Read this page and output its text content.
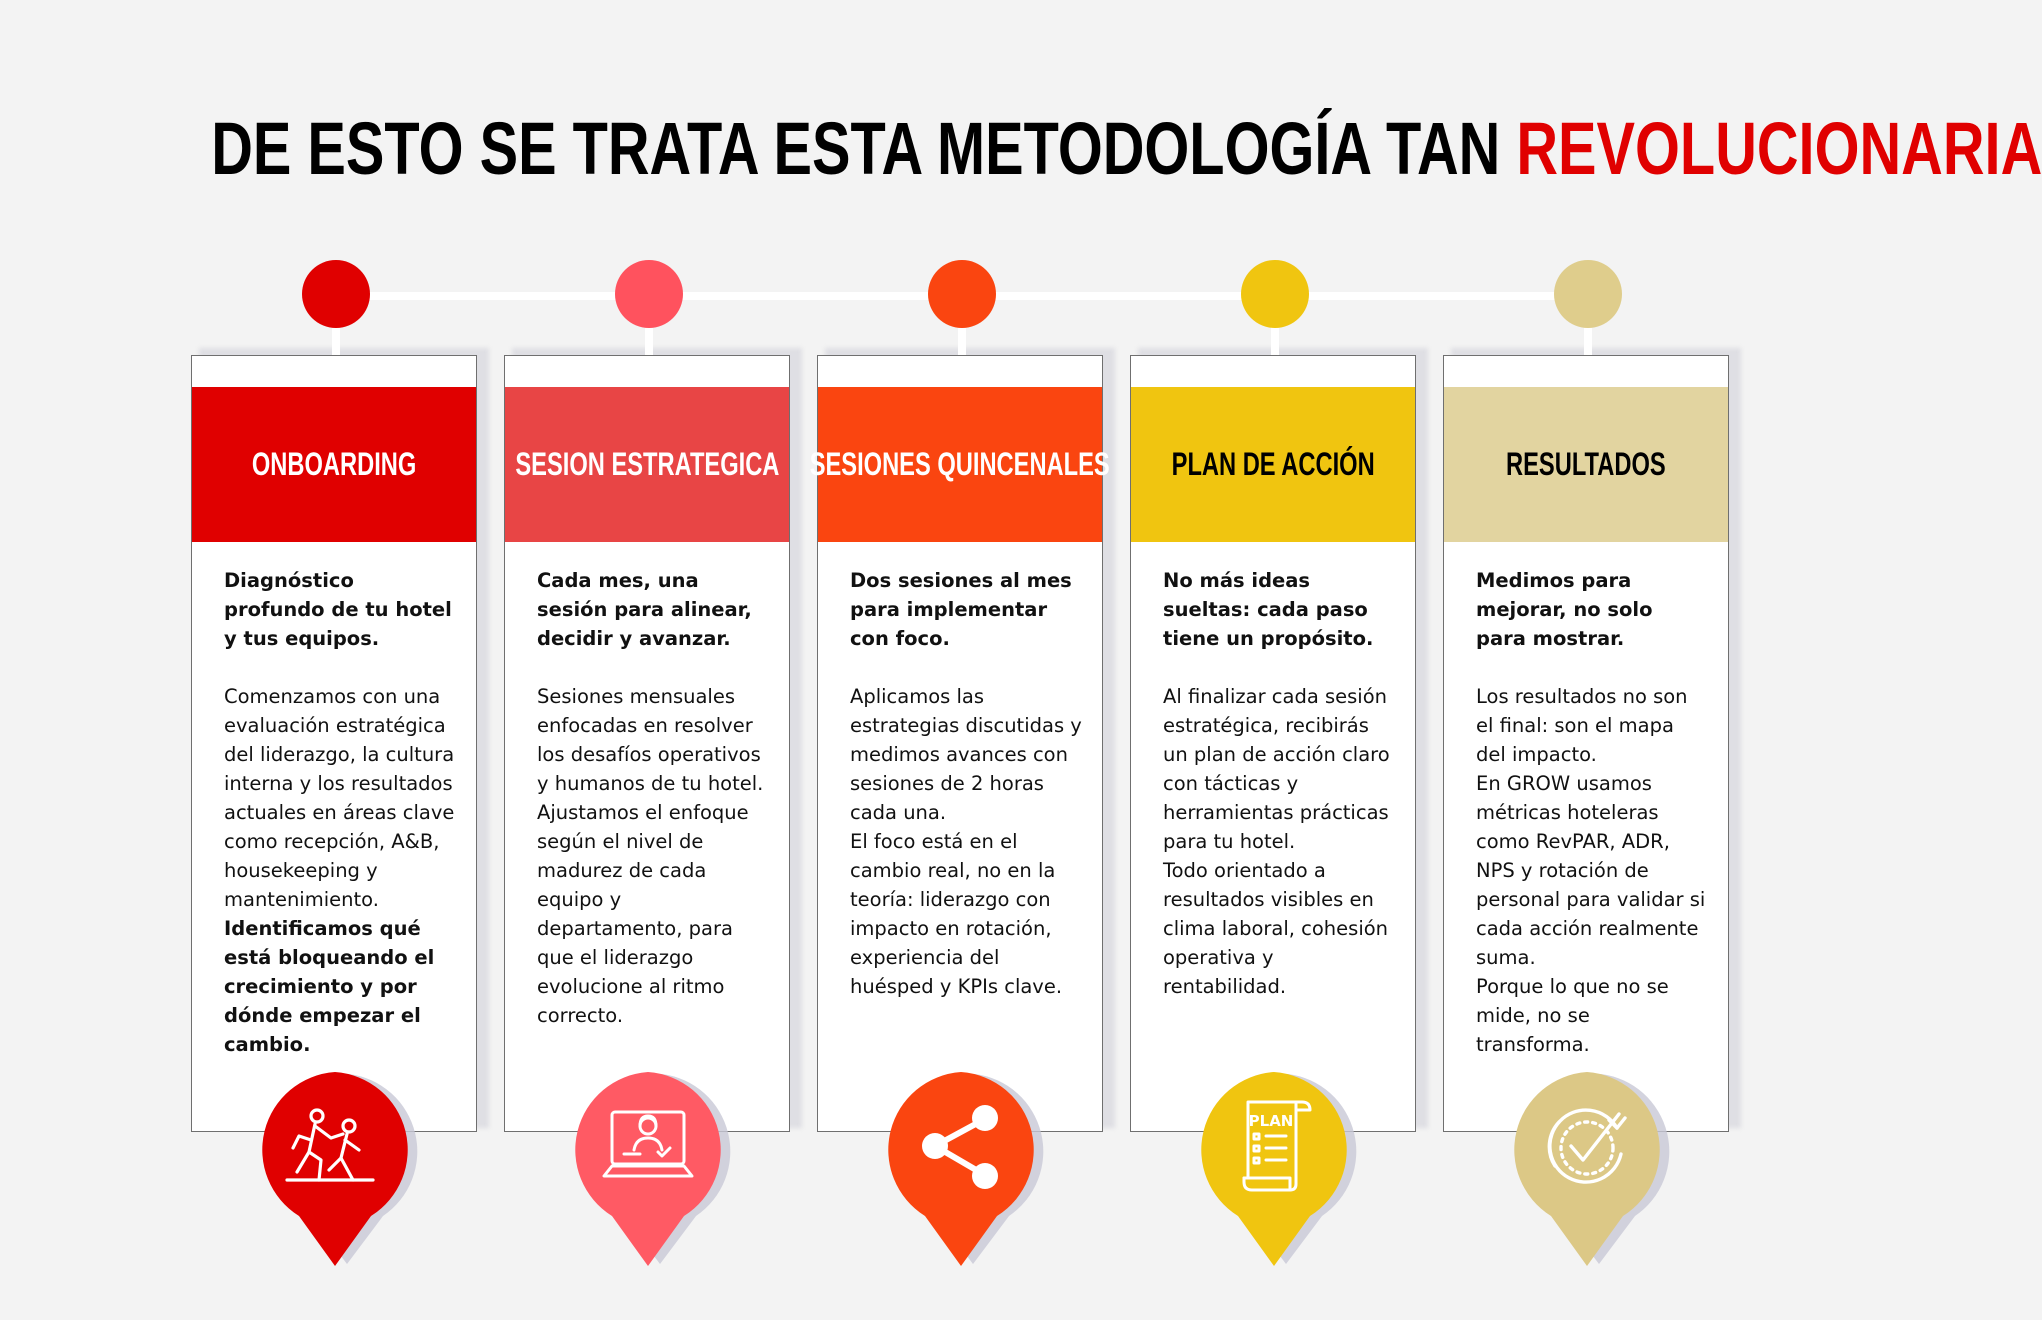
DE ESTO SE TRATA ESTA METODOLOGÍA TAN REVOLUCIONARIA
ONBOARDING

Diagnóstico profundo de tu hotel y tus equipos.

Comenzamos con una evaluación estratégica del liderazgo, la cultura interna y los resultados actuales en áreas clave como recepción, A&B, housekeeping y mantenimiento.

Identificamos qué está bloqueando el crecimiento y por dónde empezar el cambio.

SESION ESTRATEGICA

Cada mes, una sesión para alinear, decidir y avanzar.

Sesiones mensuales enfocadas en resolver los desafíos operativos y humanos de tu hotel. Ajustamos el enfoque según el nivel de madurez de cada equipo y departamento, para que el liderazgo evolucione al ritmo correcto.

SESIONES QUINCENALES

Dos sesiones al mes para implementar con foco.

Aplicamos las estrategias discutidas y medimos avances con sesiones de 2 horas cada una.
El foco está en el cambio real, no en la teoría: liderazgo con impacto en rotación, experiencia del huésped y KPIs clave.

PLAN DE ACCIÓN

No más ideas sueltas: cada paso tiene un propósito.

Al finalizar cada sesión estratégica, recibirás un plan de acción claro con tácticas y herramientas prácticas para tu hotel.
Todo orientado a resultados visibles en clima laboral, cohesión operativa y rentabilidad.

PLAN
RESULTADOS

Medimos para mejorar, no solo para mostrar.

Los resultados no son el final: son el mapa del impacto.
En GROW usamos métricas hoteleras como RevPAR, ADR, NPS y rotación de personal para validar si cada acción realmente suma.
Porque lo que no se mide, no se transforma.
